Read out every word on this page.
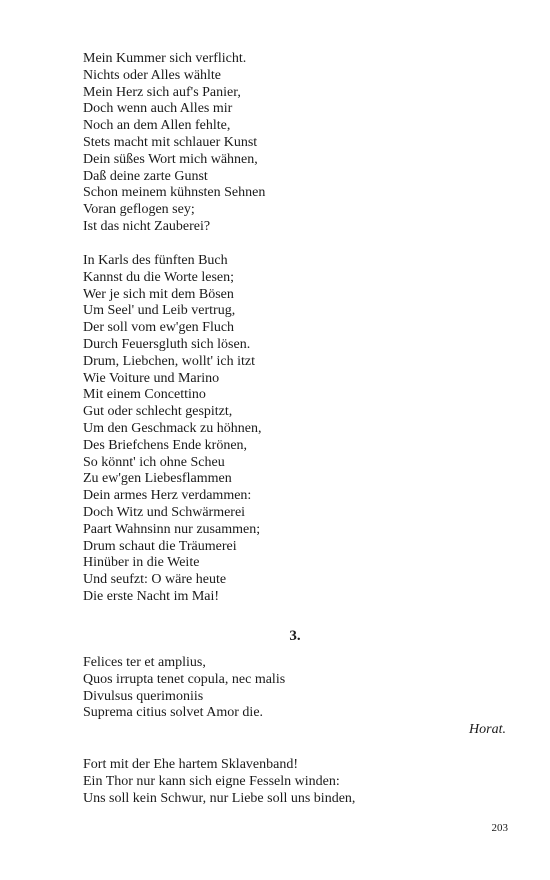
Mein Kummer sich verflicht.
Nichts oder Alles wählte
Mein Herz sich auf's Panier,
Doch wenn auch Alles mir
Noch an dem Allen fehlte,
Stets macht mit schlauer Kunst
Dein süßes Wort mich wähnen,
Daß deine zarte Gunst
Schon meinem kühnsten Sehnen
Voran geflogen sey;
Ist das nicht Zauberei?
In Karls des fünften Buch
Kannst du die Worte lesen;
Wer je sich mit dem Bösen
Um Seel' und Leib vertrug,
Der soll vom ew'gen Fluch
Durch Feuersgluth sich lösen.
Drum, Liebchen, wollt' ich itzt
Wie Voiture und Marino
Mit einem Concettino
Gut oder schlecht gespitzt,
Um den Geschmack zu höhnen,
Des Briefchens Ende krönen,
So könnt' ich ohne Scheu
Zu ew'gen Liebesflammen
Dein armes Herz verdammen:
Doch Witz und Schwärmerei
Paart Wahnsinn nur zusammen;
Drum schaut die Träumerei
Hinüber in die Weite
Und seufzt: O wäre heute
Die erste Nacht im Mai!
3.
Felices ter et amplius,
Quos irrupta tenet copula, nec malis
Divulsus querimoniis
Suprema citius solvet Amor die.
Horat.
Fort mit der Ehe hartem Sklavenband!
Ein Thor nur kann sich eigne Fesseln winden:
Uns soll kein Schwur, nur Liebe soll uns binden,
203
